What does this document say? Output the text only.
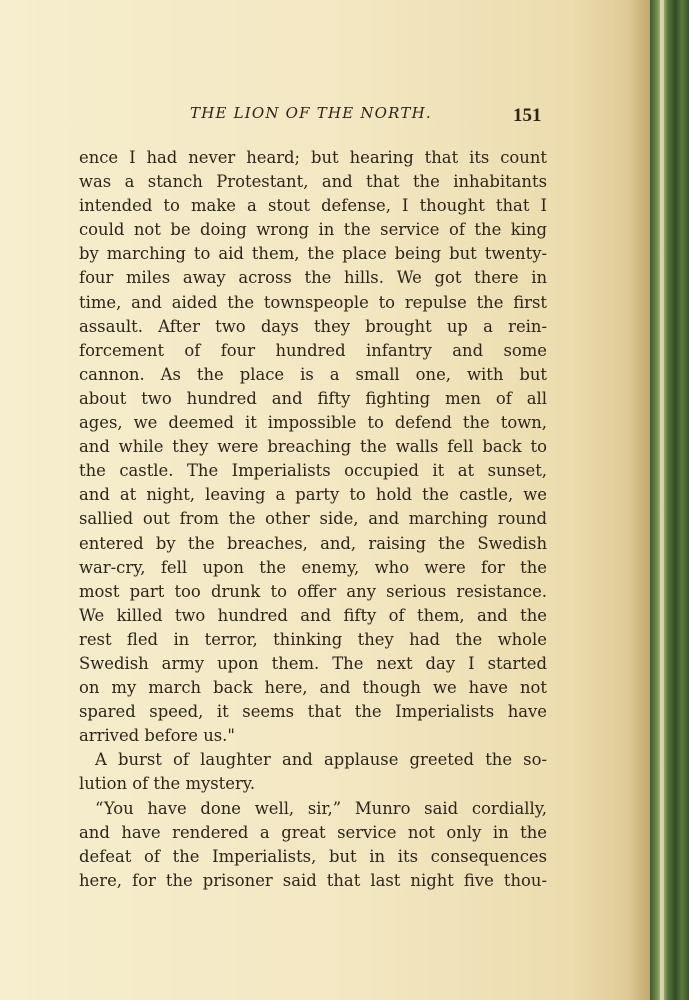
THE LION OF THE NORTH.	151
ence I had never heard; but hearing that its count
was a stanch Protestant, and that the inhabitants
intended to make a stout defense, I thought that I
could not be doing wrong in the service of the king
by marching to aid them, the place being but twenty-
four miles away across the hills. We got there in
time, and aided the townspeople to repulse the first
assault. After two days they brought up a rein-
forcement of four hundred infantry and some
cannon. As the place is a small one, with but
about two hundred and fifty fighting men of all
ages, we deemed it impossible to defend the town,
and while they were breaching the walls fell back to
the castle. The Imperialists occupied it at sunset,
and at night, leaving a party to hold the castle, we
sallied out from the other side, and marching round
entered by the breaches, and, raising the Swedish
war-cry, fell upon the enemy, who were for the
most part too drunk to offer any serious resistance.
We killed two hundred and fifty of them, and the
rest fled in terror, thinking they had the whole
Swedish army upon them. The next day I started
on my march back here, and though we have not
spared speed, it seems that the Imperialists have
arrived before us."
A burst of laughter and applause greeted the so-
lution of the mystery.
“You have done well, sir,” Munro said cordially,
and have rendered a great service not only in the
defeat of the Imperialists, but in its consequences
here, for the prisoner said that last night five thou-
